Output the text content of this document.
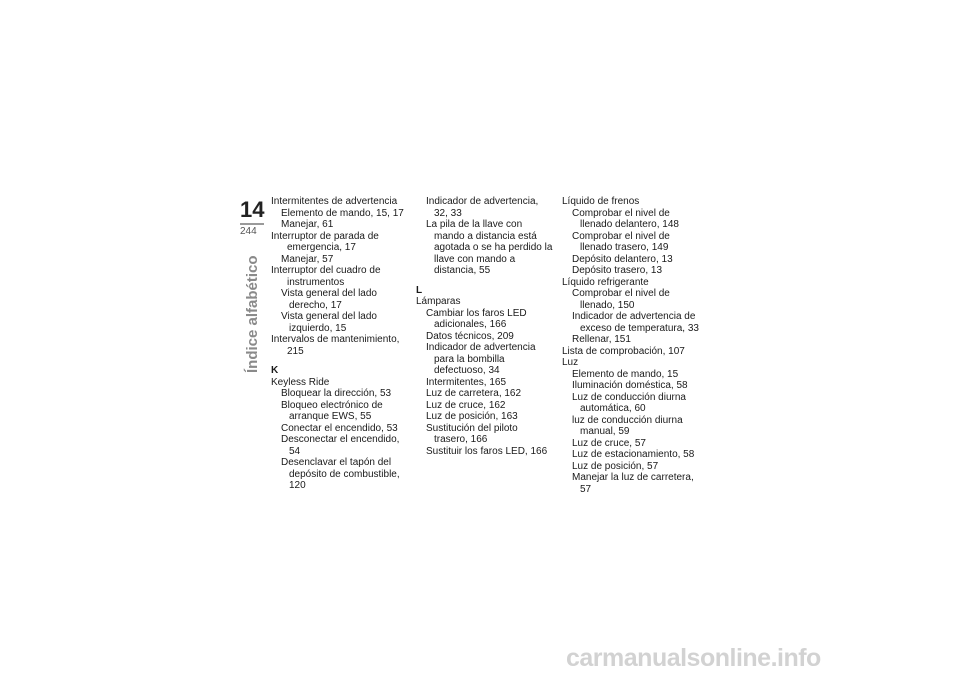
14
244
Índice alfabético
Intermitentes de advertencia
Elemento de mando, 15, 17
Manejar, 61
Interruptor de parada de emergencia, 17
Manejar, 57
Interruptor del cuadro de instrumentos
Vista general del lado derecho, 17
Vista general del lado izquierdo, 15
Intervalos de mantenimiento, 215
K
Keyless Ride
Bloquear la dirección, 53
Bloqueo electrónico de arranque EWS, 55
Conectar el encendido, 53
Desconectar el encendido, 54
Desenclavar el tapón del depósito de combustible, 120
Indicador de advertencia, 32, 33
La pila de la llave con mando a distancia está agotada o se ha perdido la llave con mando a distancia, 55
L
Lámparas
Cambiar los faros LED adicionales, 166
Datos técnicos, 209
Indicador de advertencia para la bombilla defectuoso, 34
Intermitentes, 165
Luz de carretera, 162
Luz de cruce, 162
Luz de posición, 163
Sustitución del piloto trasero, 166
Sustituir los faros LED, 166
Líquido de frenos
Comprobar el nivel de llenado delantero, 148
Comprobar el nivel de llenado trasero, 149
Depósito delantero, 13
Depósito trasero, 13
Líquido refrigerante
Comprobar el nivel de llenado, 150
Indicador de advertencia de exceso de temperatura, 33
Rellenar, 151
Lista de comprobación, 107
Luz
Elemento de mando, 15
Iluminación doméstica, 58
Luz de conducción diurna automática, 60
luz de conducción diurna manual, 59
Luz de cruce, 57
Luz de estacionamiento, 58
Luz de posición, 57
Manejar la luz de carretera, 57
carmanualsonline.info
